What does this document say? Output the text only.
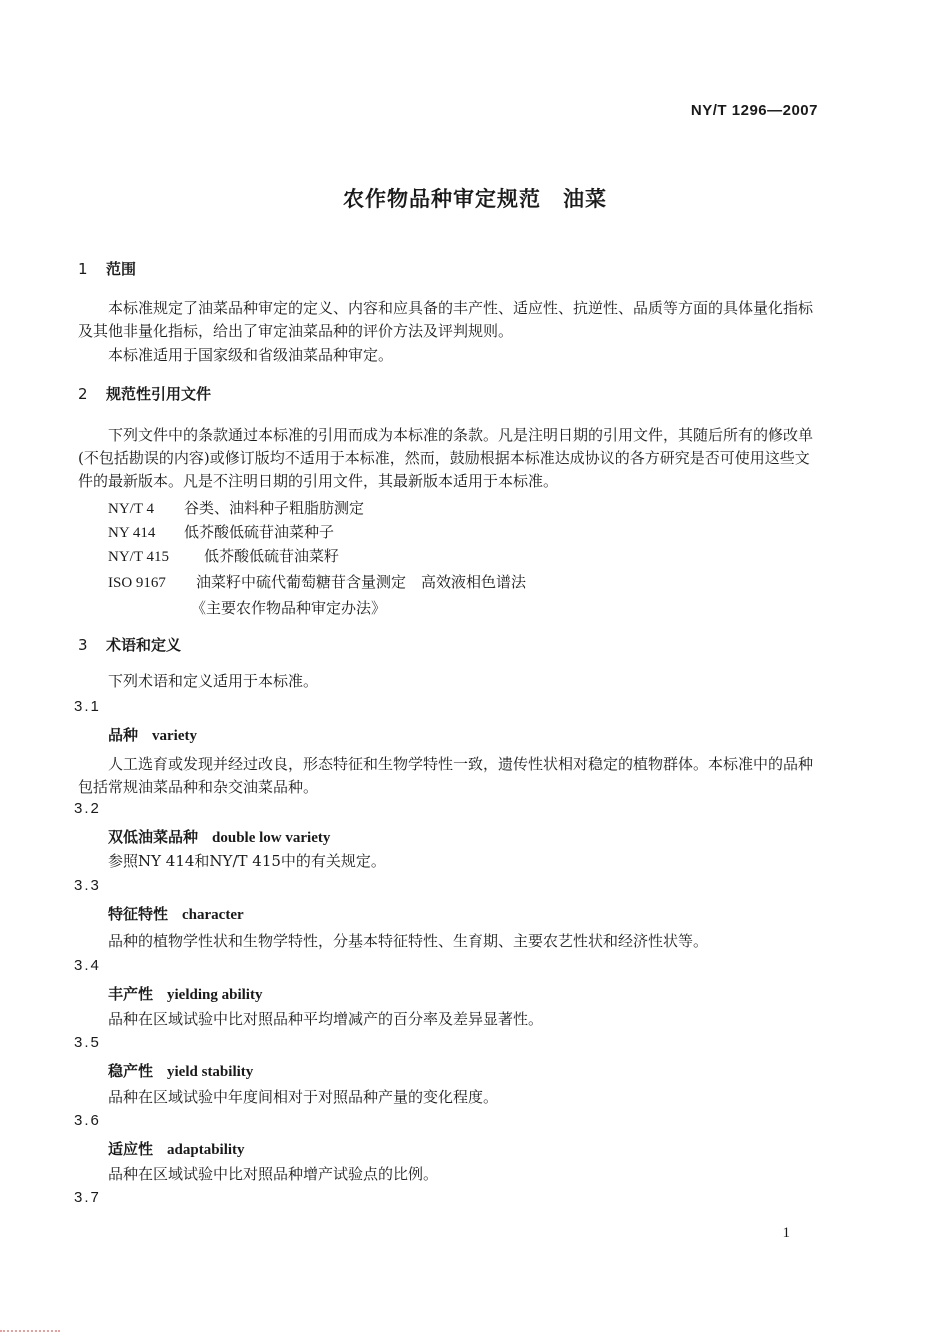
NY/T 1296—2007
农作物品种审定规范　油菜
1 范围
本标准规定了油菜品种审定的定义、内容和应具备的丰产性、适应性、抗逆性、品质等方面的具体量化指标及其他非量化指标，给出了审定油菜品种的评价方法及评判规则。
本标准适用于国家级和省级油菜品种审定。
2 规范性引用文件
下列文件中的条款通过本标准的引用而成为本标准的条款。凡是注明日期的引用文件，其随后所有的修改单(不包括勘误的内容)或修订版均不适用于本标准，然而，鼓励根据本标准达成协议的各方研究是否可使用这些文件的最新版本。凡是不注明日期的引用文件，其最新版本适用于本标准。
NY/T 4 谷类、油料种子粗脂肪测定
NY 414 低芥酸低硫苷油菜种子
NY/T 415 低芥酸低硫苷油菜籽
ISO 9167 油菜籽中硫代葡萄糖苷含量测定　高效液相色谱法
《主要农作物品种审定办法》
3 术语和定义
下列术语和定义适用于本标准。
3.1
品种 variety
人工选育或发现并经过改良，形态特征和生物学特性一致，遗传性状相对稳定的植物群体。本标准中的品种包括常规油菜品种和杂交油菜品种。
3.2
双低油菜品种 double low variety
参照NY 414和NY/T 415中的有关规定。
3.3
特征特性 character
品种的植物学性状和生物学特性，分基本特征特性、生育期、主要农艺性状和经济性状等。
3.4
丰产性 yielding ability
品种在区域试验中比对照品种平均增减产的百分率及差异显著性。
3.5
稳产性 yield stability
品种在区域试验中年度间相对于对照品种产量的变化程度。
3.6
适应性 adaptability
品种在区域试验中比对照品种增产试验点的比例。
3.7
1
